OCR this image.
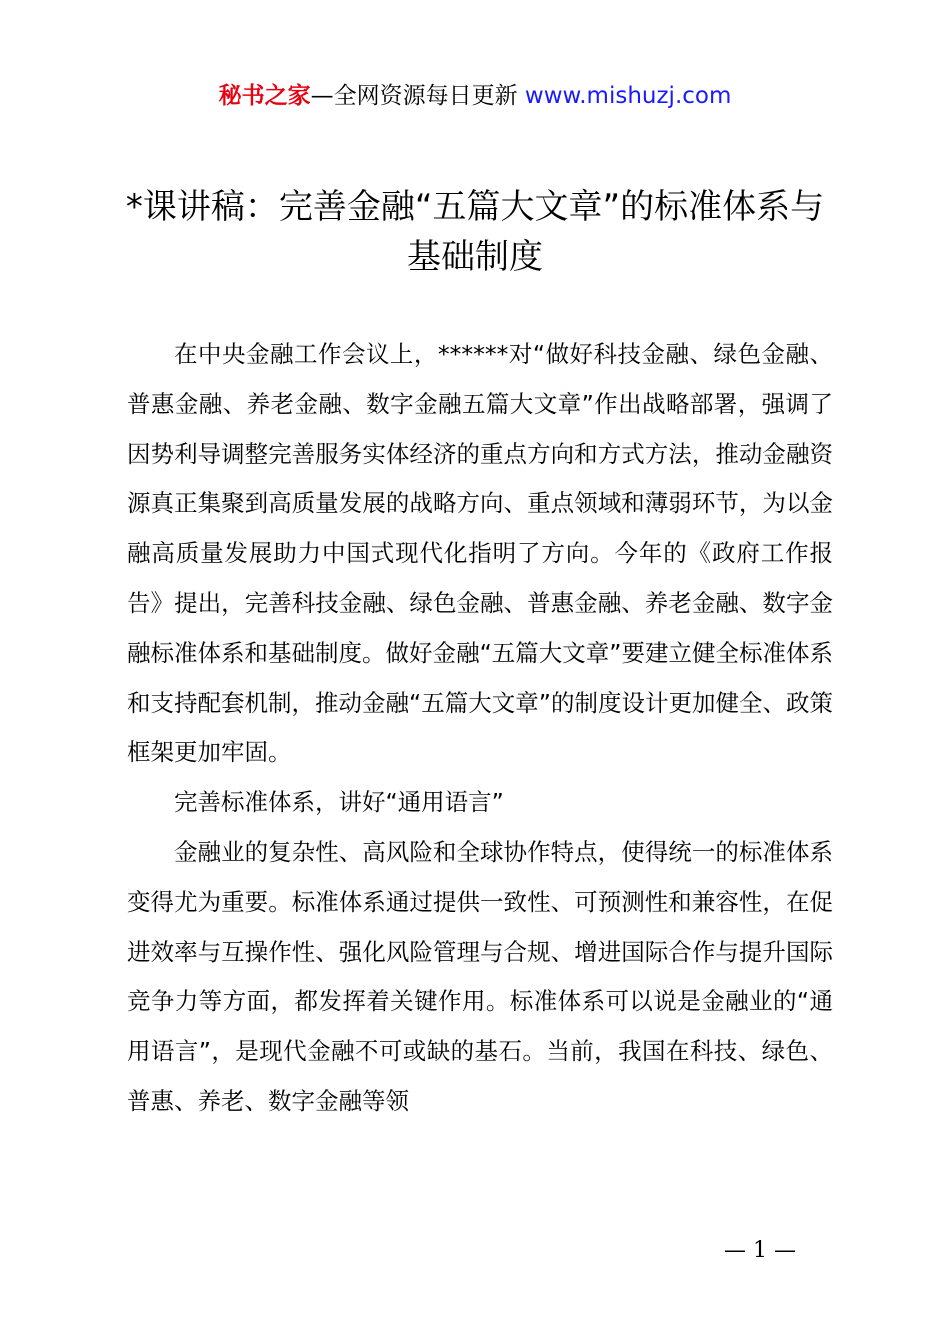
秘书之家—全网资源每日更新 www.mishuzj.com
*课讲稿：完善金融“五篇大文章”的标准体系与基础制度

在中央金融工作会议上，******对“做好科技金融、绿色金融、普惠金融、养老金融、数字金融五篇大文章”作出战略部署，强调了因势利导调整完善服务实体经济的重点方向和方式方法，推动金融资源真正集聚到高质量发展的战略方向、重点领域和薄弱环节，为以金融高质量发展助力中国式现代化指明了方向。今年的《政府工作报告》提出，完善科技金融、绿色金融、普惠金融、养老金融、数字金融标准体系和基础制度。做好金融“五篇大文章”要建立健全标准体系和支持配套机制，推动金融“五篇大文章”的制度设计更加健全、政策框架更加牢固。

完善标准体系，讲好“通用语言”

金融业的复杂性、高风险和全球协作特点，使得统一的标准体系变得尤为重要。标准体系通过提供一致性、可预测性和兼容性，在促进效率与互操作性、强化风险管理与合规、增进国际合作与提升国际竞争力等方面，都发挥着关键作用。标准体系可以说是金融业的“通用语言”，是现代金融不可或缺的基石。当前，我国在科技、绿色、普惠、养老、数字金融等领

— 1 —
